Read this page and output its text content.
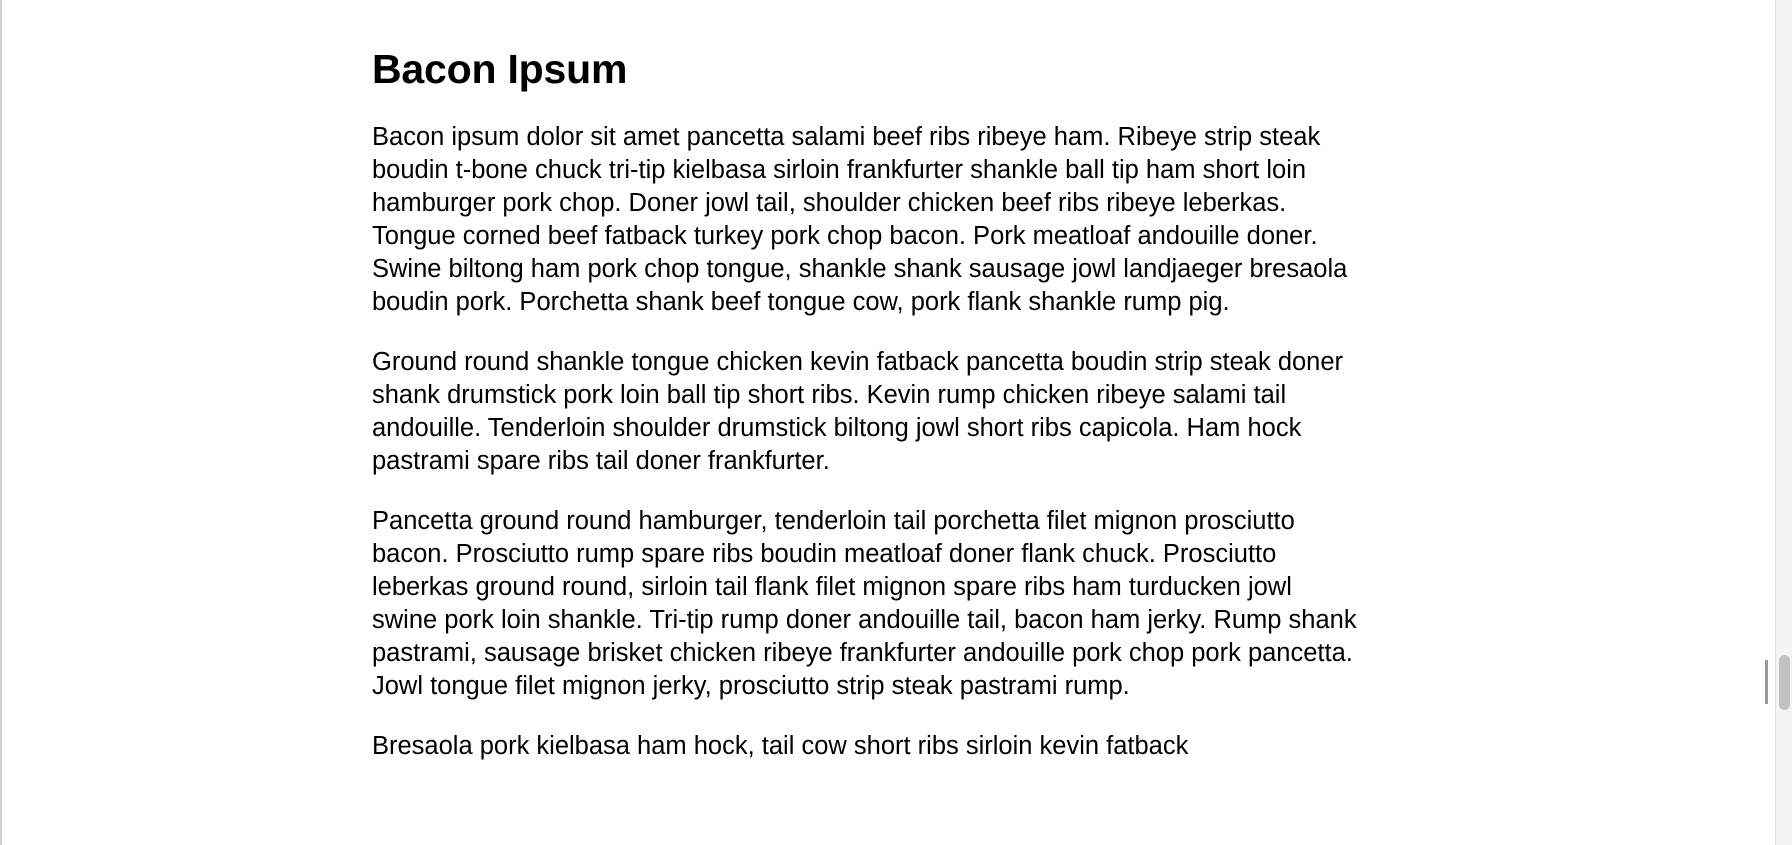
Bacon Ipsum

Bacon ipsum dolor sit amet pancetta salami beef ribs ribeye ham. Ribeye strip steak boudin t-bone chuck tri-tip kielbasa sirloin frankfurter shankle ball tip ham short loin hamburger pork chop. Doner jowl tail, shoulder chicken beef ribs ribeye leberkas. Tongue corned beef fatback turkey pork chop bacon. Pork meatloaf andouille doner. Swine biltong ham pork chop tongue, shankle shank sausage jowl landjaeger bresaola boudin pork. Porchetta shank beef tongue cow, pork flank shankle rump pig.

Ground round shankle tongue chicken kevin fatback pancetta boudin strip steak doner shank drumstick pork loin ball tip short ribs. Kevin rump chicken ribeye salami tail andouille. Tenderloin shoulder drumstick biltong jowl short ribs capicola. Ham hock pastrami spare ribs tail doner frankfurter.

Pancetta ground round hamburger, tenderloin tail porchetta filet mignon prosciutto bacon. Prosciutto rump spare ribs boudin meatloaf doner flank chuck. Prosciutto leberkas ground round, sirloin tail flank filet mignon spare ribs ham turducken jowl swine pork loin shankle. Tri-tip rump doner andouille tail, bacon ham jerky. Rump shank pastrami, sausage brisket chicken ribeye frankfurter andouille pork chop pork pancetta. Jowl tongue filet mignon jerky, prosciutto strip steak pastrami rump.

Bresaola pork kielbasa ham hock, tail cow short ribs sirloin kevin fatback
